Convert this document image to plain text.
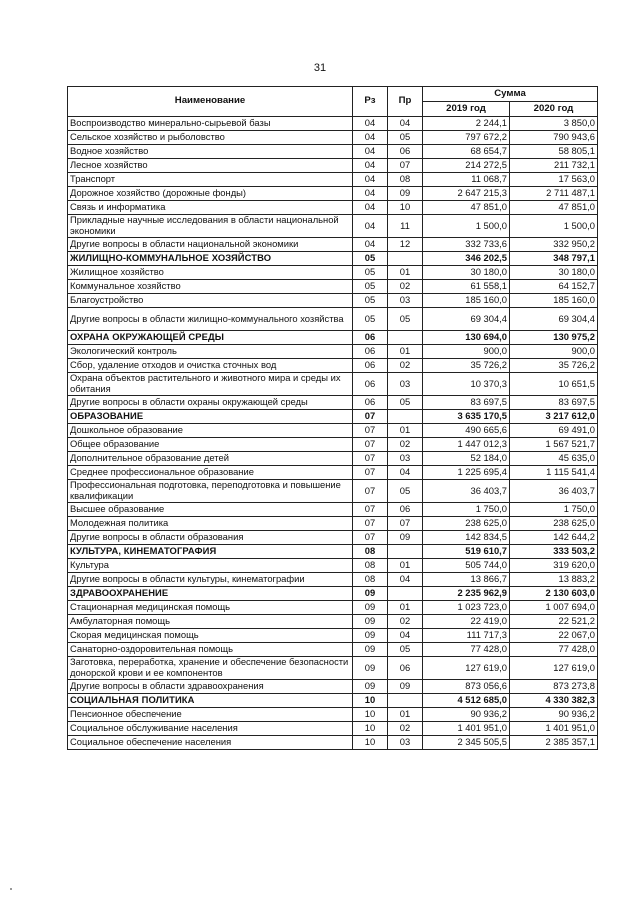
31
Наименование	Рз	Пр	Сумма	
			2019 год	2020 год
Воспроизводство минерально-сырьевой базы	04	04	2 244,1	3 850,0
Сельское хозяйство и рыболовство	04	05	797 672,2	790 943,6
Водное хозяйство	04	06	68 654,7	58 805,1
Лесное хозяйство	04	07	214 272,5	211 732,1
Транспорт	04	08	11 068,7	17 563,0
Дорожное хозяйство (дорожные фонды)	04	09	2 647 215,3	2 711 487,1
Связь и информатика	04	10	47 851,0	47 851,0
Прикладные научные исследования в области национальной экономики	04	11	1 500,0	1 500,0
Другие вопросы в области национальной экономики	04	12	332 733,6	332 950,2
ЖИЛИЩНО-КОММУНАЛЬНОЕ ХОЗЯЙСТВО	05		346 202,5	348 797,1
Жилищное хозяйство	05	01	30 180,0	30 180,0
Коммунальное хозяйство	05	02	61 558,1	64 152,7
Благоустройство	05	03	185 160,0	185 160,0
Другие вопросы в области жилищно-коммунального хозяйства	05	05	69 304,4	69 304,4
ОХРАНА ОКРУЖАЮЩЕЙ СРЕДЫ	06		130 694,0	130 975,2
Экологический контроль	06	01	900,0	900,0
Сбор, удаление отходов и очистка сточных вод	06	02	35 726,2	35 726,2
Охрана объектов растительного и животного мира и среды их обитания	06	03	10 370,3	10 651,5
Другие вопросы в области охраны окружающей среды	06	05	83 697,5	83 697,5
ОБРАЗОВАНИЕ	07		3 635 170,5	3 217 612,0
Дошкольное образование	07	01	490 665,6	69 491,0
Общее образование	07	02	1 447 012,3	1 567 521,7
Дополнительное образование детей	07	03	52 184,0	45 635,0
Среднее профессиональное образование	07	04	1 225 695,4	1 115 541,4
Профессиональная подготовка, переподготовка и повышение квалификации	07	05	36 403,7	36 403,7
Высшее образование	07	06	1 750,0	1 750,0
Молодежная политика	07	07	238 625,0	238 625,0
Другие вопросы в области образования	07	09	142 834,5	142 644,2
КУЛЬТУРА, КИНЕМАТОГРАФИЯ	08		519 610,7	333 503,2
Культура	08	01	505 744,0	319 620,0
Другие вопросы в области культуры, кинематографии	08	04	13 866,7	13 883,2
ЗДРАВООХРАНЕНИЕ	09		2 235 962,9	2 130 603,0
Стационарная медицинская помощь	09	01	1 023 723,0	1 007 694,0
Амбулаторная помощь	09	02	22 419,0	22 521,2
Скорая медицинская помощь	09	04	111 717,3	22 067,0
Санаторно-оздоровительная помощь	09	05	77 428,0	77 428,0
Заготовка, переработка, хранение и обеспечение безопасности донорской крови и ее компонентов	09	06	127 619,0	127 619,0
Другие вопросы в области здравоохранения	09	09	873 056,6	873 273,8
СОЦИАЛЬНАЯ ПОЛИТИКА	10		4 512 685,0	4 330 382,3
Пенсионное обеспечение	10	01	90 936,2	90 936,2
Социальное обслуживание населения	10	02	1 401 951,0	1 401 951,0
Социальное обеспечение населения	10	03	2 345 505,5	2 385 357,1
